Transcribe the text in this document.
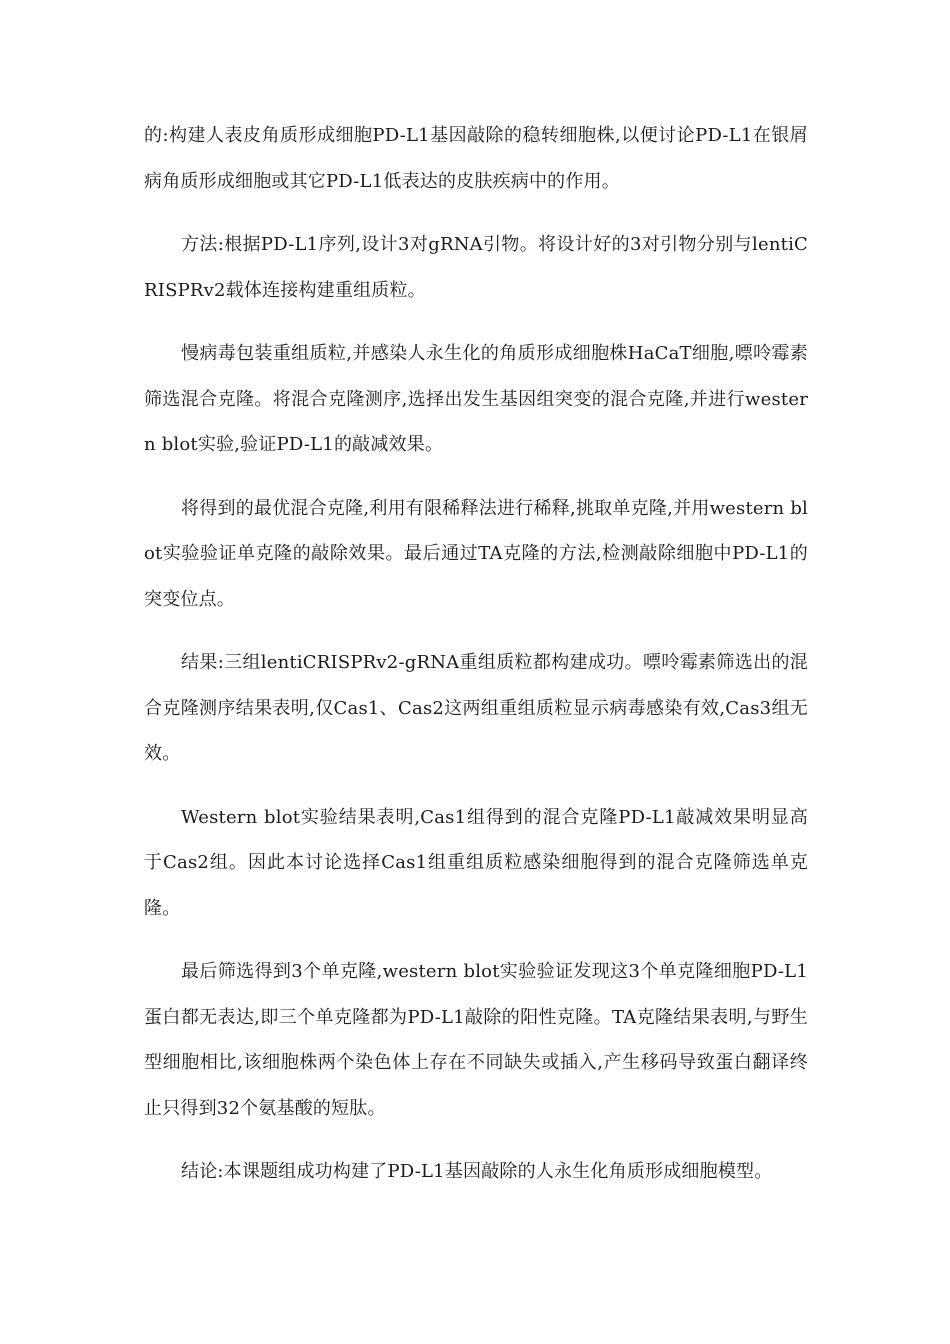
的:构建人表皮角质形成细胞PD-L1基因敲除的稳转细胞株,以便讨论PD-L1在银屑病角质形成细胞或其它PD-L1低表达的皮肤疾病中的作用。

方法:根据PD-L1序列,设计3对gRNA引物。将设计好的3对引物分别与lentiCRISPRv2载体连接构建重组质粒。

慢病毒包装重组质粒,并感染人永生化的角质形成细胞株HaCaT细胞,嘌呤霉素筛选混合克隆。将混合克隆测序,选择出发生基因组突变的混合克隆,并进行western blot实验,验证PD-L1的敲减效果。

将得到的最优混合克隆,利用有限稀释法进行稀释,挑取单克隆,并用western blot实验验证单克隆的敲除效果。最后通过TA克隆的方法,检测敲除细胞中PD-L1的突变位点。

结果:三组lentiCRISPRv2-gRNA重组质粒都构建成功。嘌呤霉素筛选出的混合克隆测序结果表明,仅Cas1、Cas2这两组重组质粒显示病毒感染有效,Cas3组无效。

Western blot实验结果表明,Cas1组得到的混合克隆PD-L1敲减效果明显高于Cas2组。因此本讨论选择Cas1组重组质粒感染细胞得到的混合克隆筛选单克隆。

最后筛选得到3个单克隆,western blot实验验证发现这3个单克隆细胞PD-L1蛋白都无表达,即三个单克隆都为PD-L1敲除的阳性克隆。TA克隆结果表明,与野生型细胞相比,该细胞株两个染色体上存在不同缺失或插入,产生移码导致蛋白翻译终止只得到32个氨基酸的短肽。

结论:本课题组成功构建了PD-L1基因敲除的人永生化角质形成细胞模型。
